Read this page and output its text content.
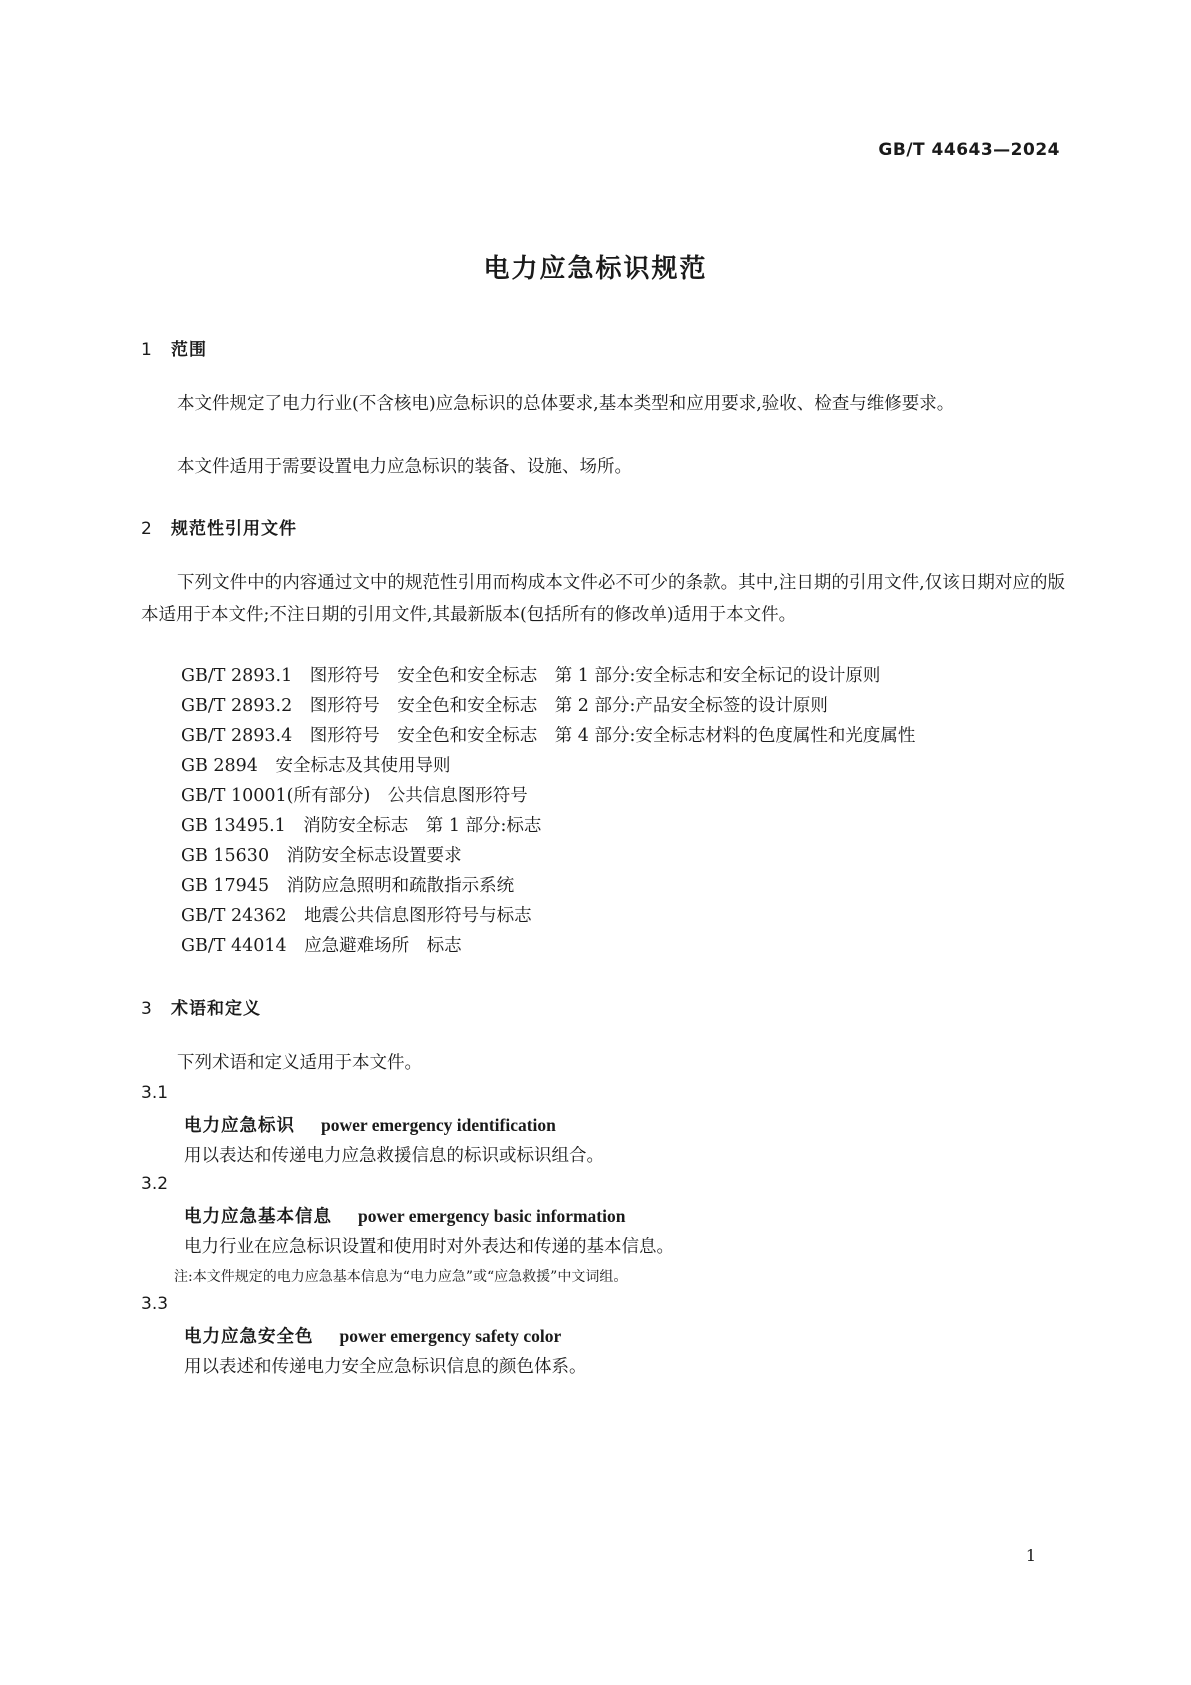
GB/T 44643—2024
电力应急标识规范
1 范围
本文件规定了电力行业(不含核电)应急标识的总体要求,基本类型和应用要求,验收、检查与维修要求。
本文件适用于需要设置电力应急标识的装备、设施、场所。
2 规范性引用文件
下列文件中的内容通过文中的规范性引用而构成本文件必不可少的条款。其中,注日期的引用文件,仅该日期对应的版本适用于本文件;不注日期的引用文件,其最新版本(包括所有的修改单)适用于本文件。
GB/T 2893.1　图形符号　安全色和安全标志　第 1 部分:安全标志和安全标记的设计原则
GB/T 2893.2　图形符号　安全色和安全标志　第 2 部分:产品安全标签的设计原则
GB/T 2893.4　图形符号　安全色和安全标志　第 4 部分:安全标志材料的色度属性和光度属性
GB 2894　安全标志及其使用导则
GB/T 10001(所有部分)　公共信息图形符号
GB 13495.1　消防安全标志　第 1 部分:标志
GB 15630　消防安全标志设置要求
GB 17945　消防应急照明和疏散指示系统
GB/T 24362　地震公共信息图形符号与标志
GB/T 44014　应急避难场所　标志
3 术语和定义
下列术语和定义适用于本文件。
3.1
电力应急标识 power emergency identification
用以表达和传递电力应急救援信息的标识或标识组合。
3.2
电力应急基本信息 power emergency basic information
电力行业在应急标识设置和使用时对外表达和传递的基本信息。
注:本文件规定的电力应急基本信息为“电力应急”或“应急救援”中文词组。
3.3
电力应急安全色 power emergency safety color
用以表述和传递电力安全应急标识信息的颜色体系。
1
